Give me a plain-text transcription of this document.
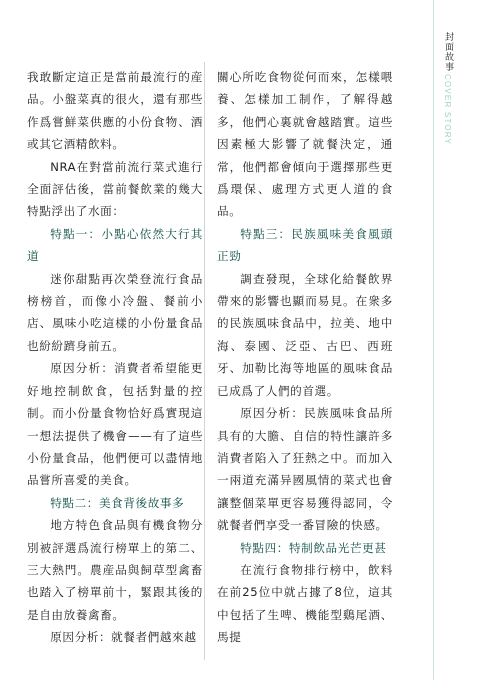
封面故事
COVER STORY

我敢斷定這正是當前最流行的産品。小盤菜真的很火，還有那些作爲嘗鮮菜供應的小份食物、酒或其它酒精飲料。

NRA在對當前流行菜式進行全面評估後，當前餐飲業的幾大特點浮出了水面：

特點一：小點心依然大行其道

迷你甜點再次榮登流行食品榜榜首，而像小冷盤、餐前小店、風味小吃這樣的小份量食品也紛紛躋身前五。

原因分析：消費者希望能更好地控制飲食，包括對量的控制。而小份量食物恰好爲實現這一想法提供了機會——有了這些小份量食品，他們便可以盡情地品嘗所喜愛的美食。

特點二：美食背後故事多

地方特色食品與有機食物分別被評選爲流行榜單上的第二、三大熱門。農産品與飼草型禽畜也踏入了榜單前十，緊跟其後的是自由放養禽畜。

原因分析：就餐者們越來越

關心所吃食物從何而來，怎樣喂養、怎樣加工制作，了解得越多，他們心裏就會越踏實。這些因素極大影響了就餐決定，通常，他們都會傾向于選擇那些更爲環保、處理方式更人道的食品。

特點三：民族風味美食風頭正勁

調查發現，全球化給餐飲界帶來的影響也顯而易見。在衆多的民族風味食品中，拉美、地中海、泰國、泛亞、古巴、西班牙、加勒比海等地區的風味食品已成爲了人們的首選。

原因分析：民族風味食品所具有的大膽、自信的特性讓許多消費者陷入了狂熱之中。而加入一兩道充滿异國風情的菜式也會讓整個菜單更容易獲得認同，令就餐者們享受一番冒險的快感。

特點四：特制飲品光芒更甚

在流行食物排行榜中，飲料在前25位中就占據了8位，這其中包括了生啤、機能型鷄尾酒、馬提
